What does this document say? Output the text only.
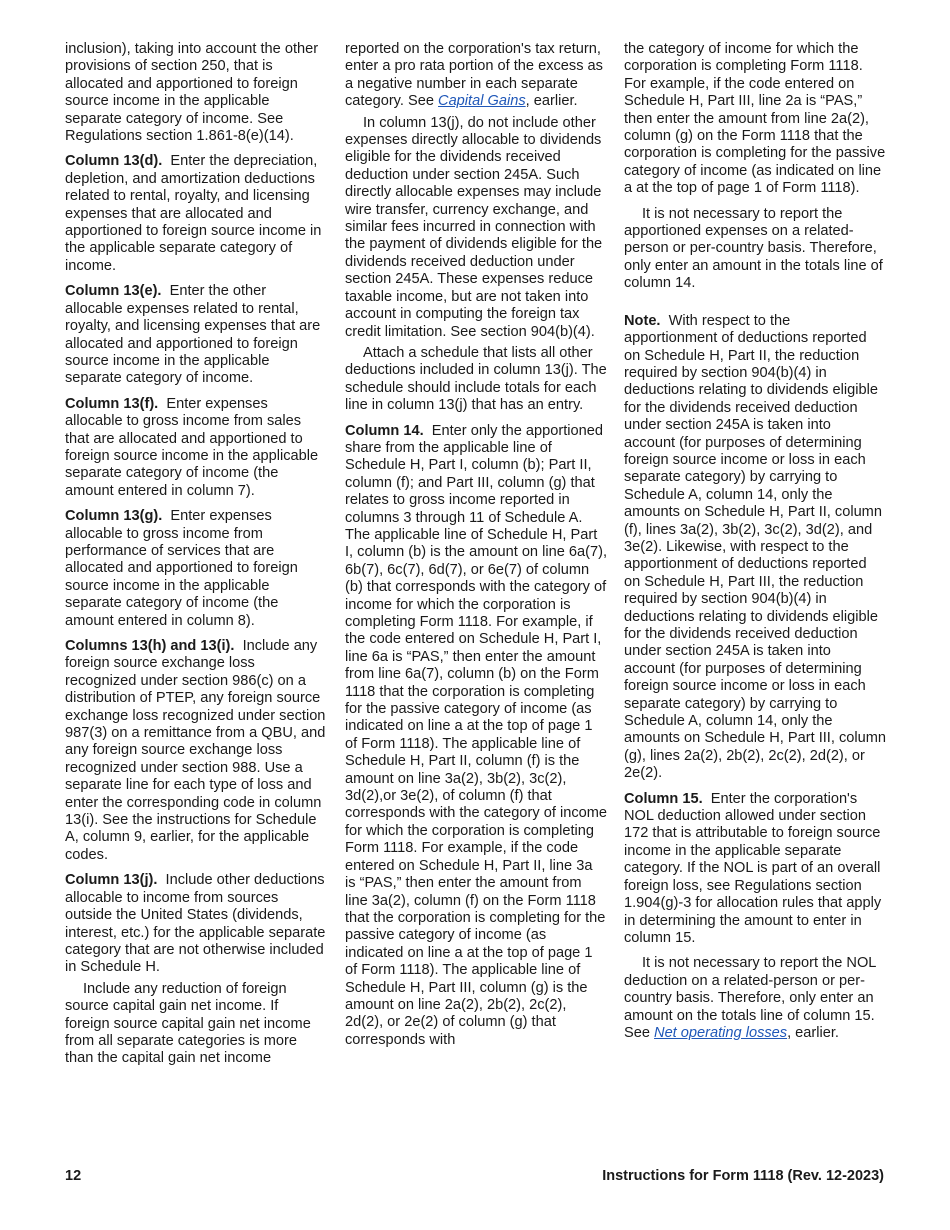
inclusion), taking into account the other provisions of section 250, that is allocated and apportioned to foreign source income in the applicable separate category of income. See Regulations section 1.861-8(e)(14).

Column 13(d). Enter the depreciation, depletion, and amortization deductions related to rental, royalty, and licensing expenses that are allocated and apportioned to foreign source income in the applicable separate category of income.

Column 13(e). Enter the other allocable expenses related to rental, royalty, and licensing expenses that are allocated and apportioned to foreign source income in the applicable separate category of income.

Column 13(f). Enter expenses allocable to gross income from sales that are allocated and apportioned to foreign source income in the applicable separate category of income (the amount entered in column 7).

Column 13(g). Enter expenses allocable to gross income from performance of services that are allocated and apportioned to foreign source income in the applicable separate category of income (the amount entered in column 8).

Columns 13(h) and 13(i). Include any foreign source exchange loss recognized under section 986(c) on a distribution of PTEP, any foreign source exchange loss recognized under section 987(3) on a remittance from a QBU, and any foreign source exchange loss recognized under section 988. Use a separate line for each type of loss and enter the corresponding code in column 13(i). See the instructions for Schedule A, column 9, earlier, for the applicable codes.

Column 13(j). Include other deductions allocable to income from sources outside the United States (dividends, interest, etc.) for the applicable separate category that are not otherwise included in Schedule H.

Include any reduction of foreign source capital gain net income. If foreign source capital gain net income from all separate categories is more than the capital gain net income

reported on the corporation's tax return, enter a pro rata portion of the excess as a negative number in each separate category. See Capital Gains, earlier.

In column 13(j), do not include other expenses directly allocable to dividends eligible for the dividends received deduction under section 245A. Such directly allocable expenses may include wire transfer, currency exchange, and similar fees incurred in connection with the payment of dividends eligible for the dividends received deduction under section 245A. These expenses reduce taxable income, but are not taken into account in computing the foreign tax credit limitation. See section 904(b)(4).

Attach a schedule that lists all other deductions included in column 13(j). The schedule should include totals for each line in column 13(j) that has an entry.

Column 14. Enter only the apportioned share from the applicable line of Schedule H, Part I, column (b); Part II, column (f); and Part III, column (g) that relates to gross income reported in columns 3 through 11 of Schedule A. The applicable line of Schedule H, Part I, column (b) is the amount on line 6a(7), 6b(7), 6c(7), 6d(7), or 6e(7) of column (b) that corresponds with the category of income for which the corporation is completing Form 1118. For example, if the code entered on Schedule H, Part I, line 6a is “PAS,” then enter the amount from line 6a(7), column (b) on the Form 1118 that the corporation is completing for the passive category of income (as indicated on line a at the top of page 1 of Form 1118). The applicable line of Schedule H, Part II, column (f) is the amount on line 3a(2), 3b(2), 3c(2), 3d(2),or 3e(2), of column (f) that corresponds with the category of income for which the corporation is completing Form 1118. For example, if the code entered on Schedule H, Part II, line 3a is “PAS,” then enter the amount from line 3a(2), column (f) on the Form 1118 that the corporation is completing for the passive category of income (as indicated on line a at the top of page 1 of Form 1118). The applicable line of Schedule H, Part III, column (g) is the amount on line 2a(2), 2b(2), 2c(2), 2d(2), or 2e(2) of column (g) that corresponds with

the category of income for which the corporation is completing Form 1118. For example, if the code entered on Schedule H, Part III, line 2a is “PAS,” then enter the amount from line 2a(2), column (g) on the Form 1118 that the corporation is completing for the passive category of income (as indicated on line a at the top of page 1 of Form 1118).

It is not necessary to report the apportioned expenses on a related-person or per-country basis. Therefore, only enter an amount in the totals line of column 14.

Note. With respect to the apportionment of deductions reported on Schedule H, Part II, the reduction required by section 904(b)(4) in deductions relating to dividends eligible for the dividends received deduction under section 245A is taken into account (for purposes of determining foreign source income or loss in each separate category) by carrying to Schedule A, column 14, only the amounts on Schedule H, Part II, column (f), lines 3a(2), 3b(2), 3c(2), 3d(2), and 3e(2). Likewise, with respect to the apportionment of deductions reported on Schedule H, Part III, the reduction required by section 904(b)(4) in deductions relating to dividends eligible for the dividends received deduction under section 245A is taken into account (for purposes of determining foreign source income or loss in each separate category) by carrying to Schedule A, column 14, only the amounts on Schedule H, Part III, column (g), lines 2a(2), 2b(2), 2c(2), 2d(2), or 2e(2).

Column 15. Enter the corporation's NOL deduction allowed under section 172 that is attributable to foreign source income in the applicable separate category. If the NOL is part of an overall foreign loss, see Regulations section 1.904(g)-3 for allocation rules that apply in determining the amount to enter in column 15.

It is not necessary to report the NOL deduction on a related-person or per-country basis. Therefore, only enter an amount on the totals line of column 15. See Net operating losses, earlier.

12	Instructions for Form 1118 (Rev. 12-2023)
